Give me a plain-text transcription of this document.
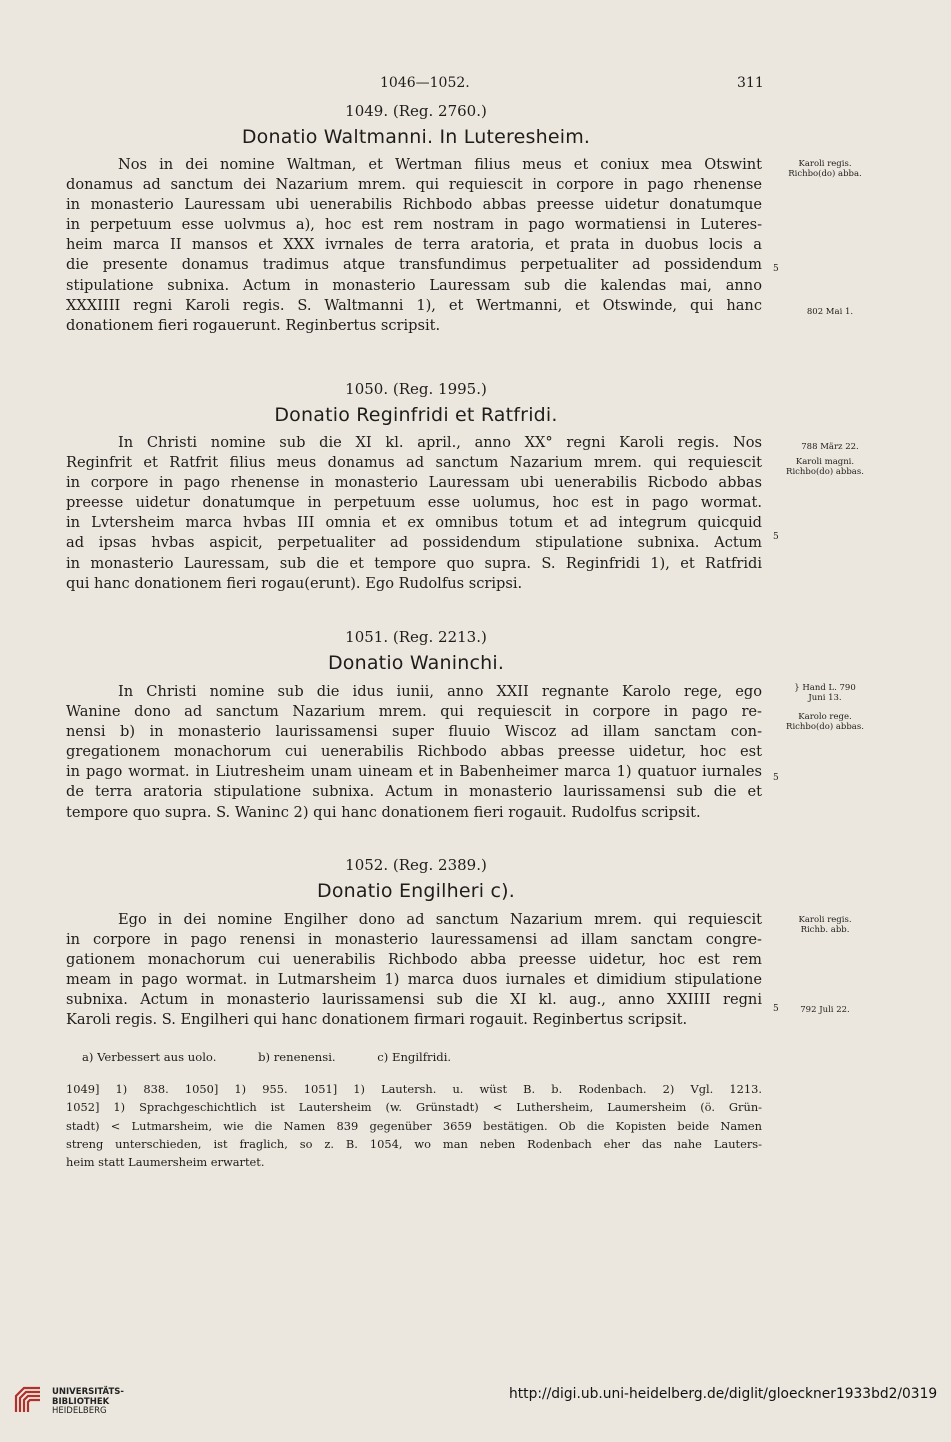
1046—1052.	311
1049. (Reg. 2760.)
Donatio Waltmanni. In Luteresheim.
Nos in dei nomine Waltman, et Wertman filius meus et coniux mea Otswint
donamus ad sanctum dei Nazarium mrem. qui requiescit in corpore in pago rhenense
in monasterio Lauressam ubi uenerabilis Richbodo abbas preesse uidetur donatumque
in perpetuum esse uolvmus a), hoc est rem nostram in pago wormatiensi in Luteres-
heim marca II mansos et XXX ivrnales de terra aratoria, et prata in duobus locis a
die presente donamus tradimus atque transfundimus perpetualiter ad possidendum
stipulatione subnixa. Actum in monasterio Lauressam sub die kalendas mai, anno
XXXIIII regni Karoli regis. S. Waltmanni 1), et Wertmanni, et Otswinde, qui hanc
donationem fieri rogauerunt. Reginbertus scripsit.
Karoli regis. Richbo(do) abba.
5
802 Mai 1.
1050. (Reg. 1995.)
Donatio Reginfridi et Ratfridi.
In Christi nomine sub die XI kl. april., anno XX° regni Karoli regis. Nos
Reginfrit et Ratfrit filius meus donamus ad sanctum Nazarium mrem. qui requiescit
in corpore in pago rhenense in monasterio Lauressam ubi uenerabilis Ricbodo abbas
preesse uidetur donatumque in perpetuum esse uolumus, hoc est in pago wormat.
in Lvtersheim marca hvbas III omnia et ex omnibus totum et ad integrum quicquid
ad ipsas hvbas aspicit, perpetualiter ad possidendum stipulatione subnixa. Actum
in monasterio Lauressam, sub die et tempore quo supra. S. Reginfridi 1), et Ratfridi
qui hanc donationem fieri rogau(erunt). Ego Rudolfus scripsi.
788 März 22.
Karoli magni. Richbo(do) abbas.
5
1051. (Reg. 2213.)
Donatio Waninchi.
In Christi nomine sub die idus iunii, anno XXII regnante Karolo rege, ego
Wanine dono ad sanctum Nazarium mrem. qui requiescit in corpore in pago re-
nensi b) in monasterio laurissamensi super fluuio Wiscoz ad illam sanctam con-
gregationem monachorum cui uenerabilis Richbodo abbas preesse uidetur, hoc est
in pago wormat. in Liutresheim unam uineam et in Babenheimer marca 1) quatuor iurnales
de terra aratoria stipulatione subnixa. Actum in monasterio laurissamensi sub die et
tempore quo supra. S. Waninc 2) qui hanc donationem fieri rogauit. Rudolfus scripsit.
} Hand L. 790 Juni 13.
Karolo rege. Richbo(do) abbas.
5
1052. (Reg. 2389.)
Donatio Engilheri c).
Ego in dei nomine Engilher dono ad sanctum Nazarium mrem. qui requiescit
in corpore in pago renensi in monasterio lauressamensi ad illam sanctam congre-
gationem monachorum cui uenerabilis Richbodo abba preesse uidetur, hoc est rem
meam in pago wormat. in Lutmarsheim 1) marca duos iurnales et dimidium stipulatione
subnixa. Actum in monasterio laurissamensi sub die XI kl. aug., anno XXIIII regni
Karoli regis. S. Engilheri qui hanc donationem firmari rogauit. Reginbertus scripsit.
Karoli regis. Richb. abb.
5	792 Juli 22.
a) Verbessert aus uolo.	b) renenensi.	c) Engilfridi.
1049] 1) 838. 1050] 1) 955. 1051] 1) Lautersh. u. wüst B. b. Rodenbach. 2) Vgl. 1213.
1052] 1) Sprachgeschichtlich ist Lautersheim (w. Grünstadt) < Luthersheim, Laumersheim (ö. Grün-
stadt) < Lutmarsheim, wie die Namen 839 gegenüber 3659 bestätigen. Ob die Kopisten beide Namen
streng unterschieden, ist fraglich, so z. B. 1054, wo man neben Rodenbach eher das nahe Lauters-
heim statt Laumersheim erwartet.
UNIVERSITÄTS-
BIBLIOTHEK
HEIDELBERG
http://digi.ub.uni-heidelberg.de/diglit/gloeckner1933bd2/0319
